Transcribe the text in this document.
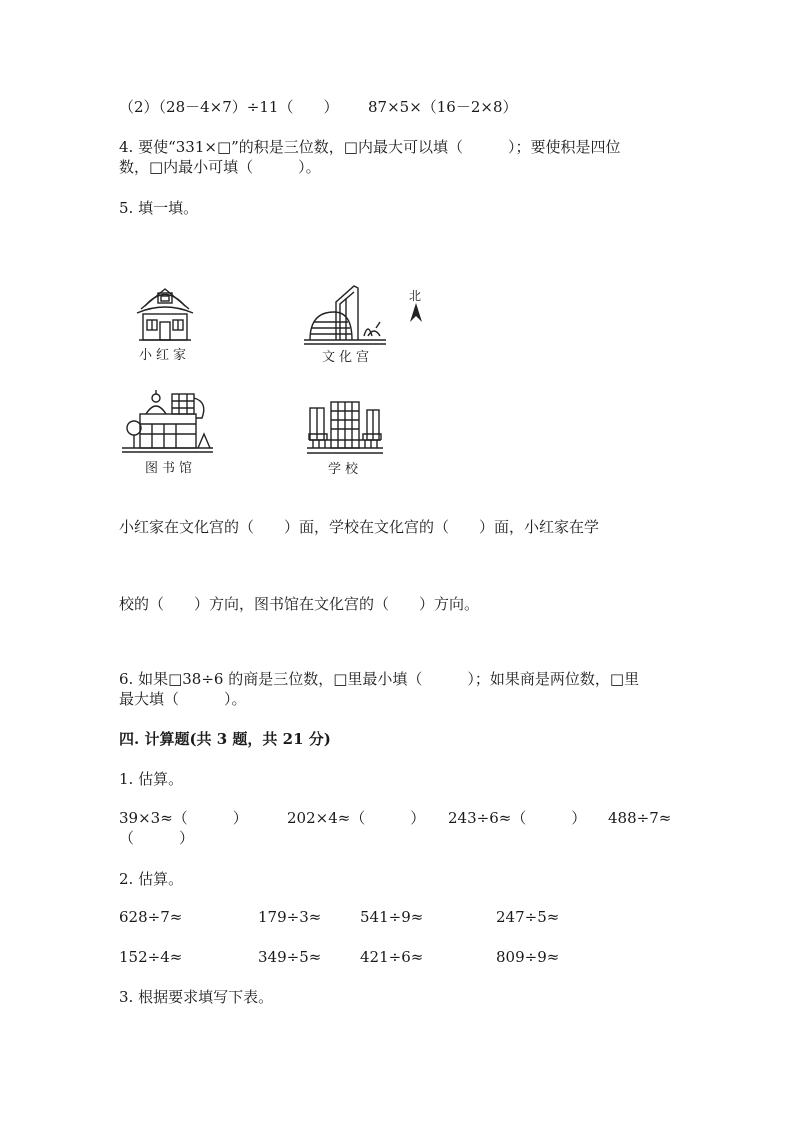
（2）（28－4×7）÷11（　　） 87×5×（16－2×8）
4. 要使“331×□”的积是三位数，□内最大可以填（　　　）；要使积是四位
数，□内最小可填（　　　）。
5. 填一填。
小红家	文化宫
北
图书馆	学校
小红家在文化宫的（　　）面，学校在文化宫的（　　）面，小红家在学
校的（　　）方向，图书馆在文化宫的（　　）方向。
6. 如果□38÷6 的商是三位数，□里最小填（　　　）；如果商是两位数，□里
最大填（　　　）。
四. 计算题(共 3 题，共 21 分)
1. 估算。
39×3≈（　　　）	202×4≈（　　　） 243÷6≈（　　　） 488÷7≈
（　　　）
2. 估算。
628÷7≈	179÷3≈	541÷9≈	247÷5≈
152÷4≈	349÷5≈	421÷6≈	809÷9≈
3. 根据要求填写下表。
